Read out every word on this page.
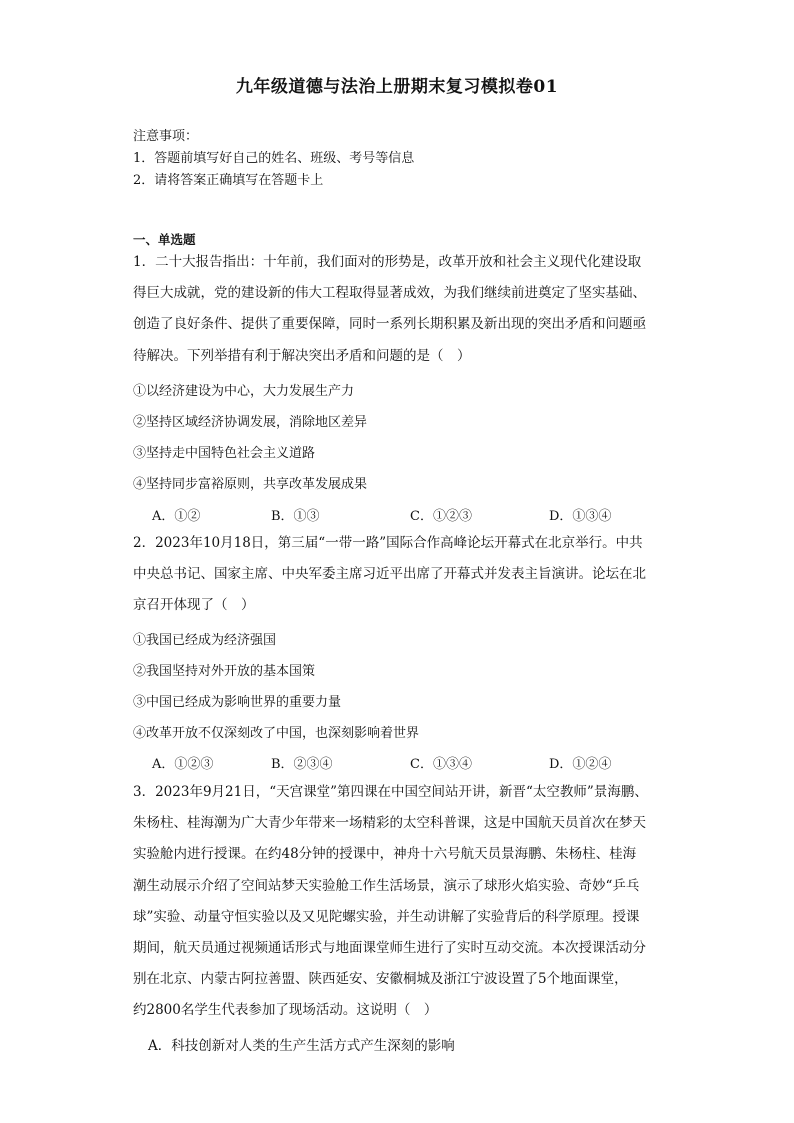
九年级道德与法治上册期末复习模拟卷01
注意事项：
1．答题前填写好自己的姓名、班级、考号等信息
2．请将答案正确填写在答题卡上
一、单选题
1．二十大报告指出：十年前，我们面对的形势是，改革开放和社会主义现代化建设取
得巨大成就，党的建设新的伟大工程取得显著成效，为我们继续前进奠定了坚实基础、
创造了良好条件、提供了重要保障，同时一系列长期积累及新出现的突出矛盾和问题亟
待解决。下列举措有利于解决突出矛盾和问题的是（　）
①以经济建设为中心，大力发展生产力
②坚持区域经济协调发展，消除地区差异
③坚持走中国特色社会主义道路
④坚持同步富裕原则，共享改革发展成果
A．①②	B．①③	C．①②③	D．①③④
2．2023年10月18日，第三届“一带一路”国际合作高峰论坛开幕式在北京举行。中共
中央总书记、国家主席、中央军委主席习近平出席了开幕式并发表主旨演讲。论坛在北
京召开体现了（　）
①我国已经成为经济强国
②我国坚持对外开放的基本国策
③中国已经成为影响世界的重要力量
④改革开放不仅深刻改了中国，也深刻影响着世界
A．①②③	B．②③④	C．①③④	D．①②④
3．2023年9月21日，“天宫课堂”第四课在中国空间站开讲，新晋“太空教师”景海鹏、
朱杨柱、桂海潮为广大青少年带来一场精彩的太空科普课，这是中国航天员首次在梦天
实验舱内进行授课。在约48分钟的授课中，神舟十六号航天员景海鹏、朱杨柱、桂海
潮生动展示介绍了空间站梦天实验舱工作生活场景，演示了球形火焰实验、奇妙“乒乓
球”实验、动量守恒实验以及又见陀螺实验，并生动讲解了实验背后的科学原理。授课
期间，航天员通过视频通话形式与地面课堂师生进行了实时互动交流。本次授课活动分
别在北京、内蒙古阿拉善盟、陕西延安、安徽桐城及浙江宁波设置了5个地面课堂，
约2800名学生代表参加了现场活动。这说明（　）
A．科技创新对人类的生产生活方式产生深刻的影响
